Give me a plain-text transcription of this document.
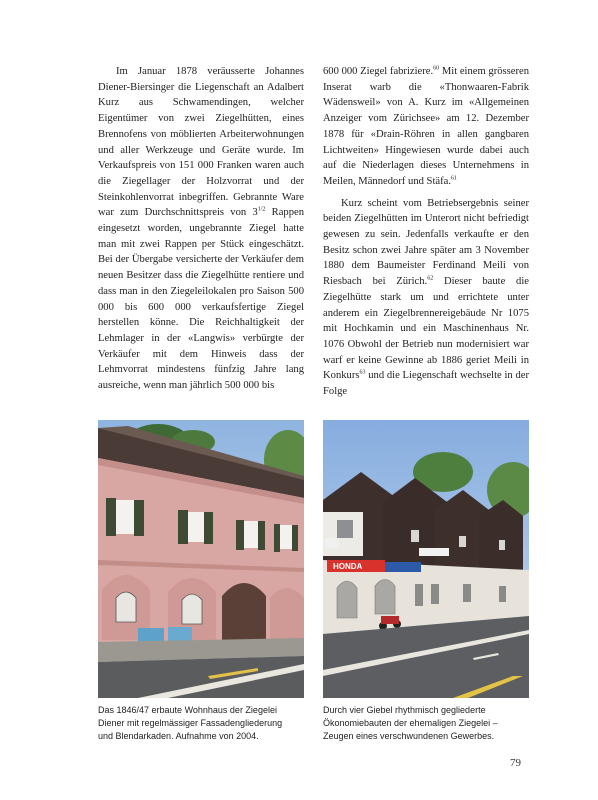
Im Januar 1878 veräusserte Johannes Diener-Biersinger die Liegenschaft an Adalbert Kurz aus Schwamendingen, welcher Eigentümer von zwei Ziegelhütten, eines Brennofens von möblierten Arbeiterwohnungen und aller Werkzeuge und Geräte wurde. Im Verkaufspreis von 151 000 Franken waren auch die Ziegellager der Holzvorrat und der Steinkohlenvorrat inbegriffen. Gebrannte Ware war zum Durchschnittspreis von $3^{1/2}$ Rappen eingesetzt worden, ungebrannte Ziegel hatte man mit zwei Rappen per Stück eingeschätzt. Bei der Übergabe versicherte der Verkäufer dem neuen Besitzer dass die Ziegelhütte rentiere und dass man in den Ziegeleilokalen pro Saison 500 000 bis 600 000 verkaufsfertige Ziegel herstellen könne. Die Reichhaltigkeit der Lehmlager in der «Langwis» verbürgte der Verkäufer mit dem Hinweis dass der Lehmvorrat mindestens fünfzig Jahre lang ausreiche, wenn man jährlich 500 000 bis

600 000 Ziegel fabriziere.$^{60}$ Mit einem grösseren Inserat warb die «Thonwaaren-Fabrik Wädensweil» von A. Kurz im «Allgemeinen Anzeiger vom Zürichsee» am 12. Dezember 1878 für «Drain-Röhren in allen gangbaren Lichtweiten» Hingewiesen wurde dabei auch auf die Niederlagen dieses Unternehmens in Meilen, Männedorf und Stäfa.$^{61}$

Kurz scheint vom Betriebsergebnis seiner beiden Ziegelhütten im Unterort nicht befriedigt gewesen zu sein. Jedenfalls verkaufte er den Besitz schon zwei Jahre später am 3 November 1880 dem Baumeister Ferdinand Meili von Riesbach bei Zürich.$^{62}$ Dieser baute die Ziegelhütte stark um und errichtete unter anderem ein Ziegelbrennereigebäude Nr 1075 mit Hochkamin und ein Maschinenhaus Nr. 1076 Obwohl der Betrieb nun modernisiert war warf er keine Gewinne ab 1886 geriet Meili in Konkurs$^{63}$ und die Liegenschaft wechselte in der Folge

HONDA
Das 1846/47 erbaute Wohnhaus der Ziegelei
Diener mit regelmässiger Fassadengliederung
und Blendarkaden. Aufnahme von 2004.
Durch vier Giebel rhythmisch gegliederte
Ökonomiebauten der ehemaligen Ziegelei –
Zeugen eines verschwundenen Gewerbes.
79
